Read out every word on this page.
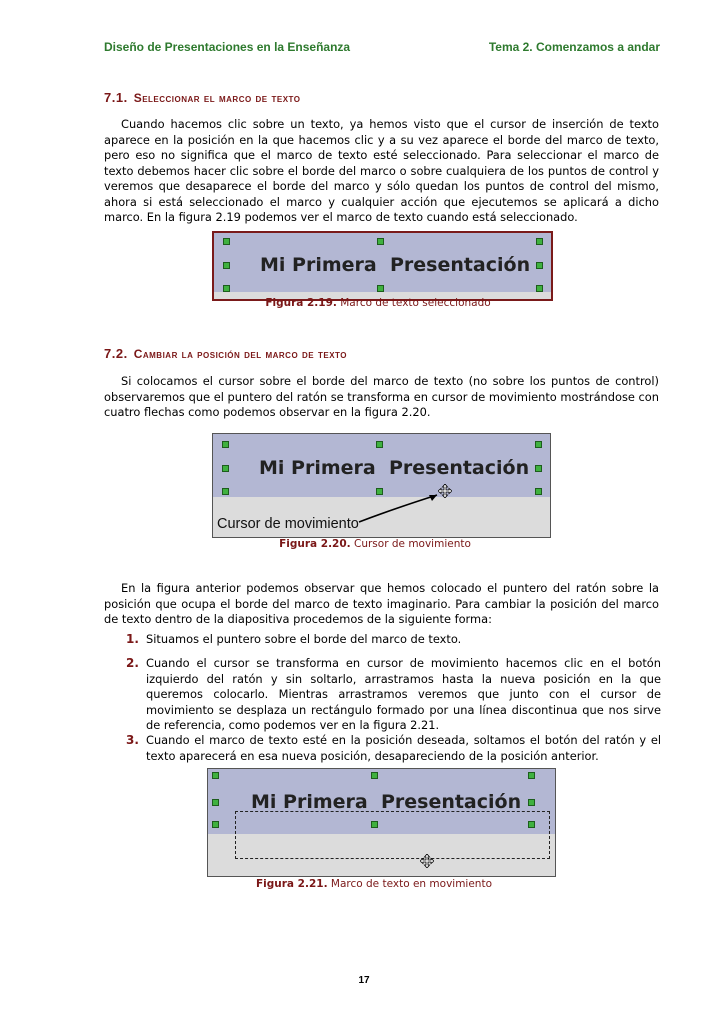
Diseño de Presentaciones en la Enseñanza	Tema 2. Comenzamos a andar
7.1. Seleccionar el marco de texto

Cuando hacemos clic sobre un texto, ya hemos visto que el cursor de inserción de texto aparece en la posición en la que hacemos clic y a su vez aparece el borde del marco de texto, pero eso no significa que el marco de texto esté seleccionado. Para seleccionar el marco de texto debemos hacer clic sobre el borde del marco o sobre cualquiera de los puntos de control y veremos que desaparece el borde del marco y sólo quedan los puntos de control del mismo, ahora si está seleccionado el marco y cualquier acción que ejecutemos se aplicará a dicho marco. En la figura 2.19 podemos ver el marco de texto cuando está seleccionado.

Mi Primera  Presentación
Figura 2.19. Marco de texto seleccionado
7.2. Cambiar la posición del marco de texto

Si colocamos el cursor sobre el borde del marco de texto (no sobre los puntos de control) observaremos que el puntero del ratón se transforma en cursor de movimiento mostrándose con cuatro flechas como podemos observar en la figura 2.20.

Mi Primera  Presentación
Cursor de movimiento
Figura 2.20. Cursor de movimiento

En la figura anterior podemos observar que hemos colocado el puntero del ratón sobre la posición que ocupa el borde del marco de texto imaginario. Para cambiar la posición del marco de texto dentro de la diapositiva procedemos de la siguiente forma:

1. Situamos el puntero sobre el borde del marco de texto.
2. Cuando el cursor se transforma en cursor de movimiento hacemos clic en el botón izquierdo del ratón y sin soltarlo, arrastramos hasta la nueva posición en la que queremos colocarlo. Mientras arrastramos veremos que junto con el cursor de movimiento se desplaza un rectángulo formado por una línea discontinua que nos sirve de referencia, como podemos ver en la figura 2.21.
3. Cuando el marco de texto esté en la posición deseada, soltamos el botón del ratón y el texto aparecerá en esa nueva posición, desapareciendo de la posición anterior.
Mi Primera  Presentación
Figura 2.21. Marco de texto en movimiento
17
